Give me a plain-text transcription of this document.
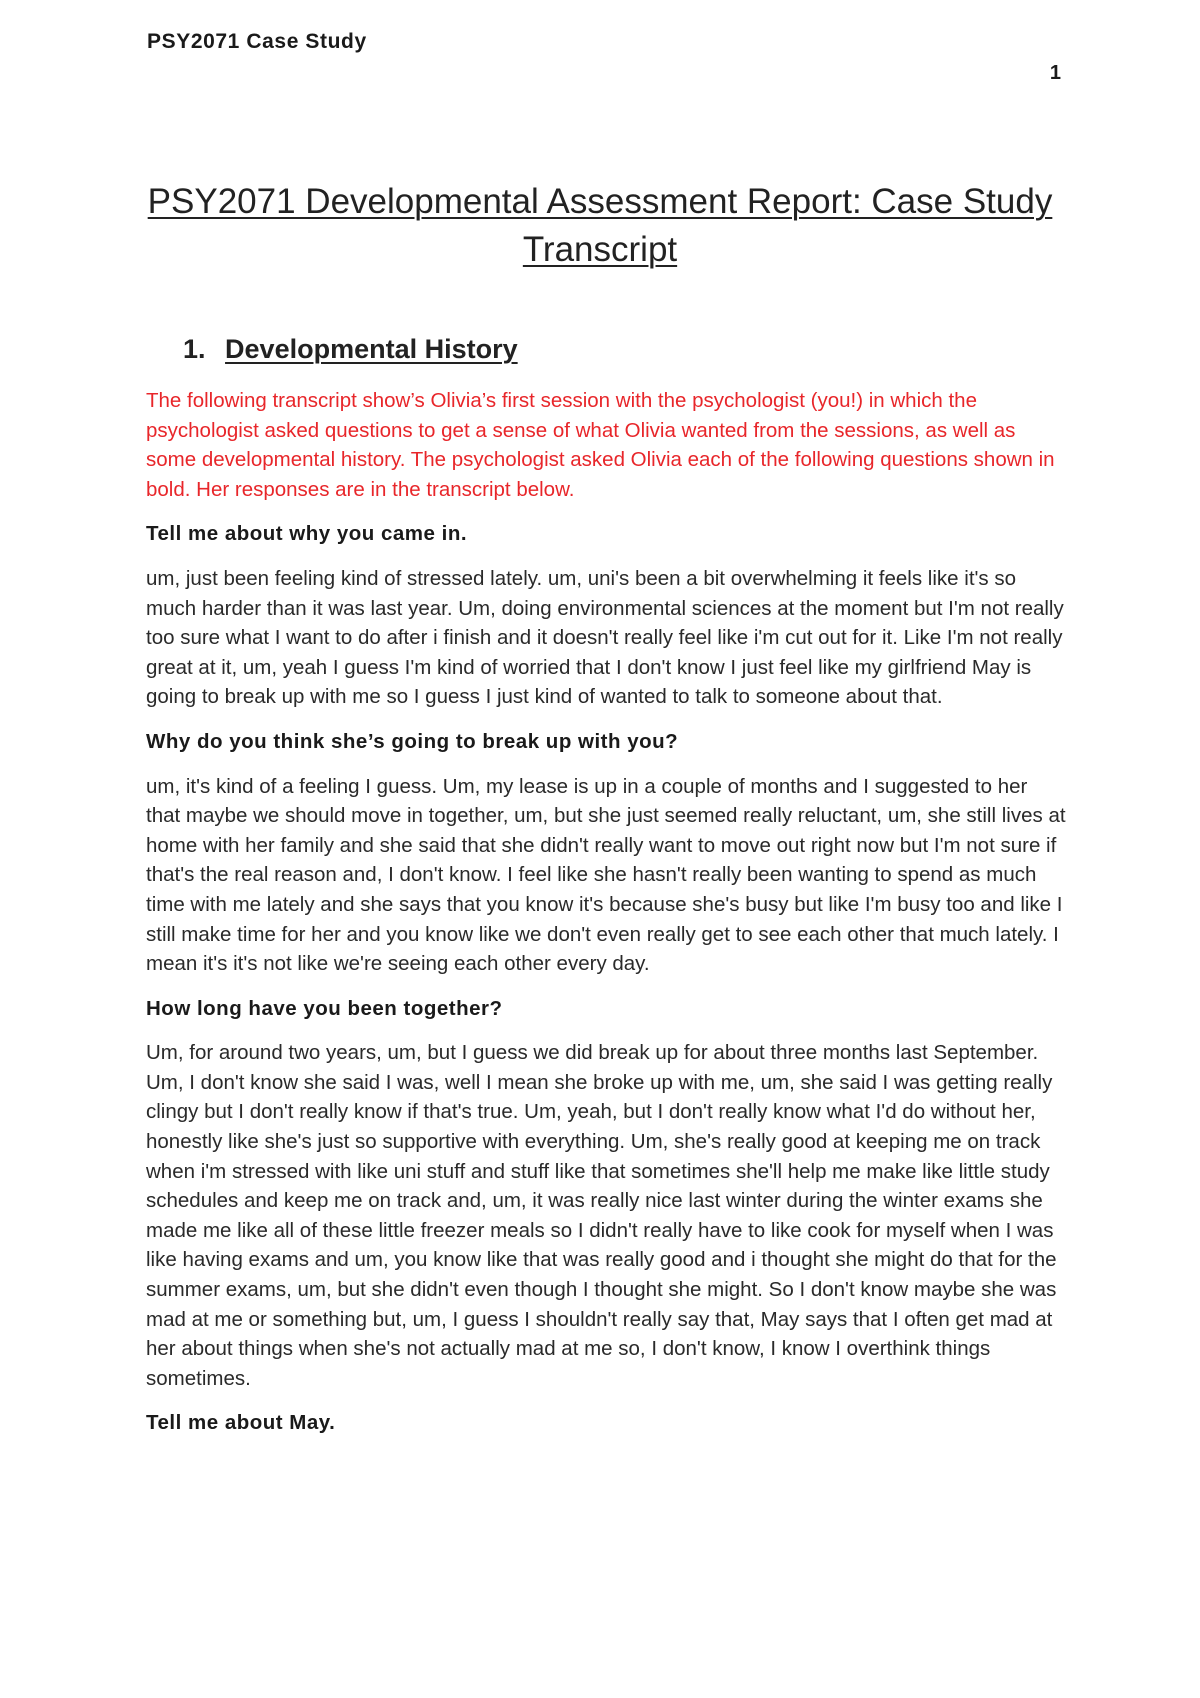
PSY2071 Case Study
1
PSY2071 Developmental Assessment Report: Case Study Transcript
1. Developmental History

The following transcript show’s Olivia’s first session with the psychologist (you!) in which the psychologist asked questions to get a sense of what Olivia wanted from the sessions, as well as some developmental history. The psychologist asked Olivia each of the following questions shown in bold. Her responses are in the transcript below.

Tell me about why you came in.

um, just been feeling kind of stressed lately. um, uni's been a bit overwhelming it feels like it's so much harder than it was last year. Um, doing environmental sciences at the moment but I'm not really too sure what I want to do after i finish and it doesn't really feel like i'm cut out for it. Like I'm not really great at it, um, yeah I guess I'm kind of worried that I don't know I just feel like my girlfriend May is going to break up with me so I guess I just kind of wanted to talk to someone about that.

Why do you think she’s going to break up with you?

um, it's kind of a feeling I guess. Um, my lease is up in a couple of months and I suggested to her that maybe we should move in together, um, but she just seemed really reluctant, um, she still lives at home with her family and she said that she didn't really want to move out right now but I'm not sure if that's the real reason and, I don't know. I feel like she hasn't really been wanting to spend as much time with me lately and she says that you know it's because she's busy but like I'm busy too and like I still make time for her and you know like we don't even really get to see each other that much lately. I mean it's it's not like we're seeing each other every day.

How long have you been together?

Um, for around two years, um, but I guess we did break up for about three months last September. Um, I don't know she said I was, well I mean she broke up with me, um, she said I was getting really clingy but I don't really know if that's true. Um, yeah, but I don't really know what I'd do without her, honestly like she's just so supportive with everything. Um, she's really good at keeping me on track when i'm stressed with like uni stuff and stuff like that sometimes she'll help me make like little study schedules and keep me on track and, um, it was really nice last winter during the winter exams she made me like all of these little freezer meals so I didn't really have to like cook for myself when I was like having exams and um, you know like that was really good and i thought she might do that for the summer exams, um, but she didn't even though I thought she might. So I don't know maybe she was mad at me or something but, um, I guess I shouldn't really say that, May says that I often get mad at her about things when she's not actually mad at me so, I don't know, I know I overthink things sometimes.

Tell me about May.
